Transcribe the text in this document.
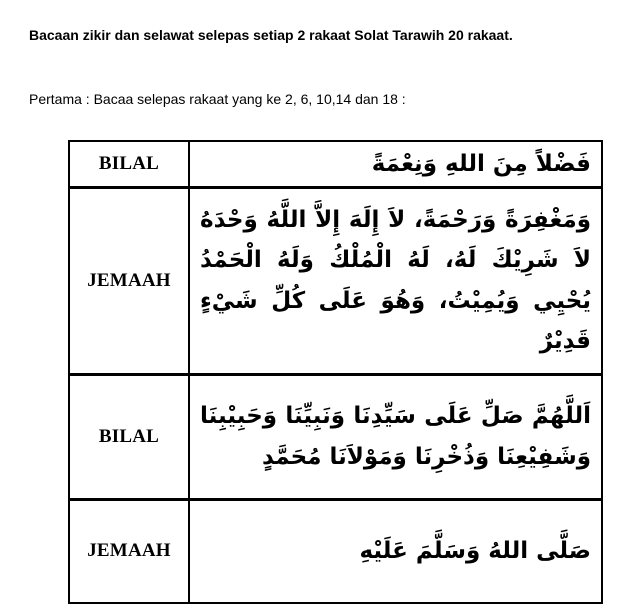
Bacaan zikir dan selawat selepas setiap 2 rakaat Solat Tarawih 20 rakaat.
Pertama : Bacaa selepas rakaat yang ke 2, 6, 10,14 dan 18 :
BILAL	فَضْلاً مِنَ اللهِ وَنِعْمَةً
JEMAAH	وَمَغْفِرَةً وَرَحْمَةً، لاَ إِلَهَ إِلاَّ اللَّهُ وَحْدَهُ لاَ شَرِيْكَ لَهُ، لَهُ الْمُلْكُ وَلَهُ الْحَمْدُ يُحْيِي وَيُمِيْتُ، وَهُوَ عَلَى كُلِّ شَيْءٍ قَدِيْرٌ
BILAL	اَللَّهُمَّ صَلِّ عَلَى سَيِّدِنَا وَنَبِيِّنَا وَحَبِيْبِنَا وَشَفِيْعِنَا وَذُخْرِنَا وَمَوْلاَنَا مُحَمَّدٍ
JEMAAH	صَلَّى اللهُ وَسَلَّمَ عَلَيْهِ
